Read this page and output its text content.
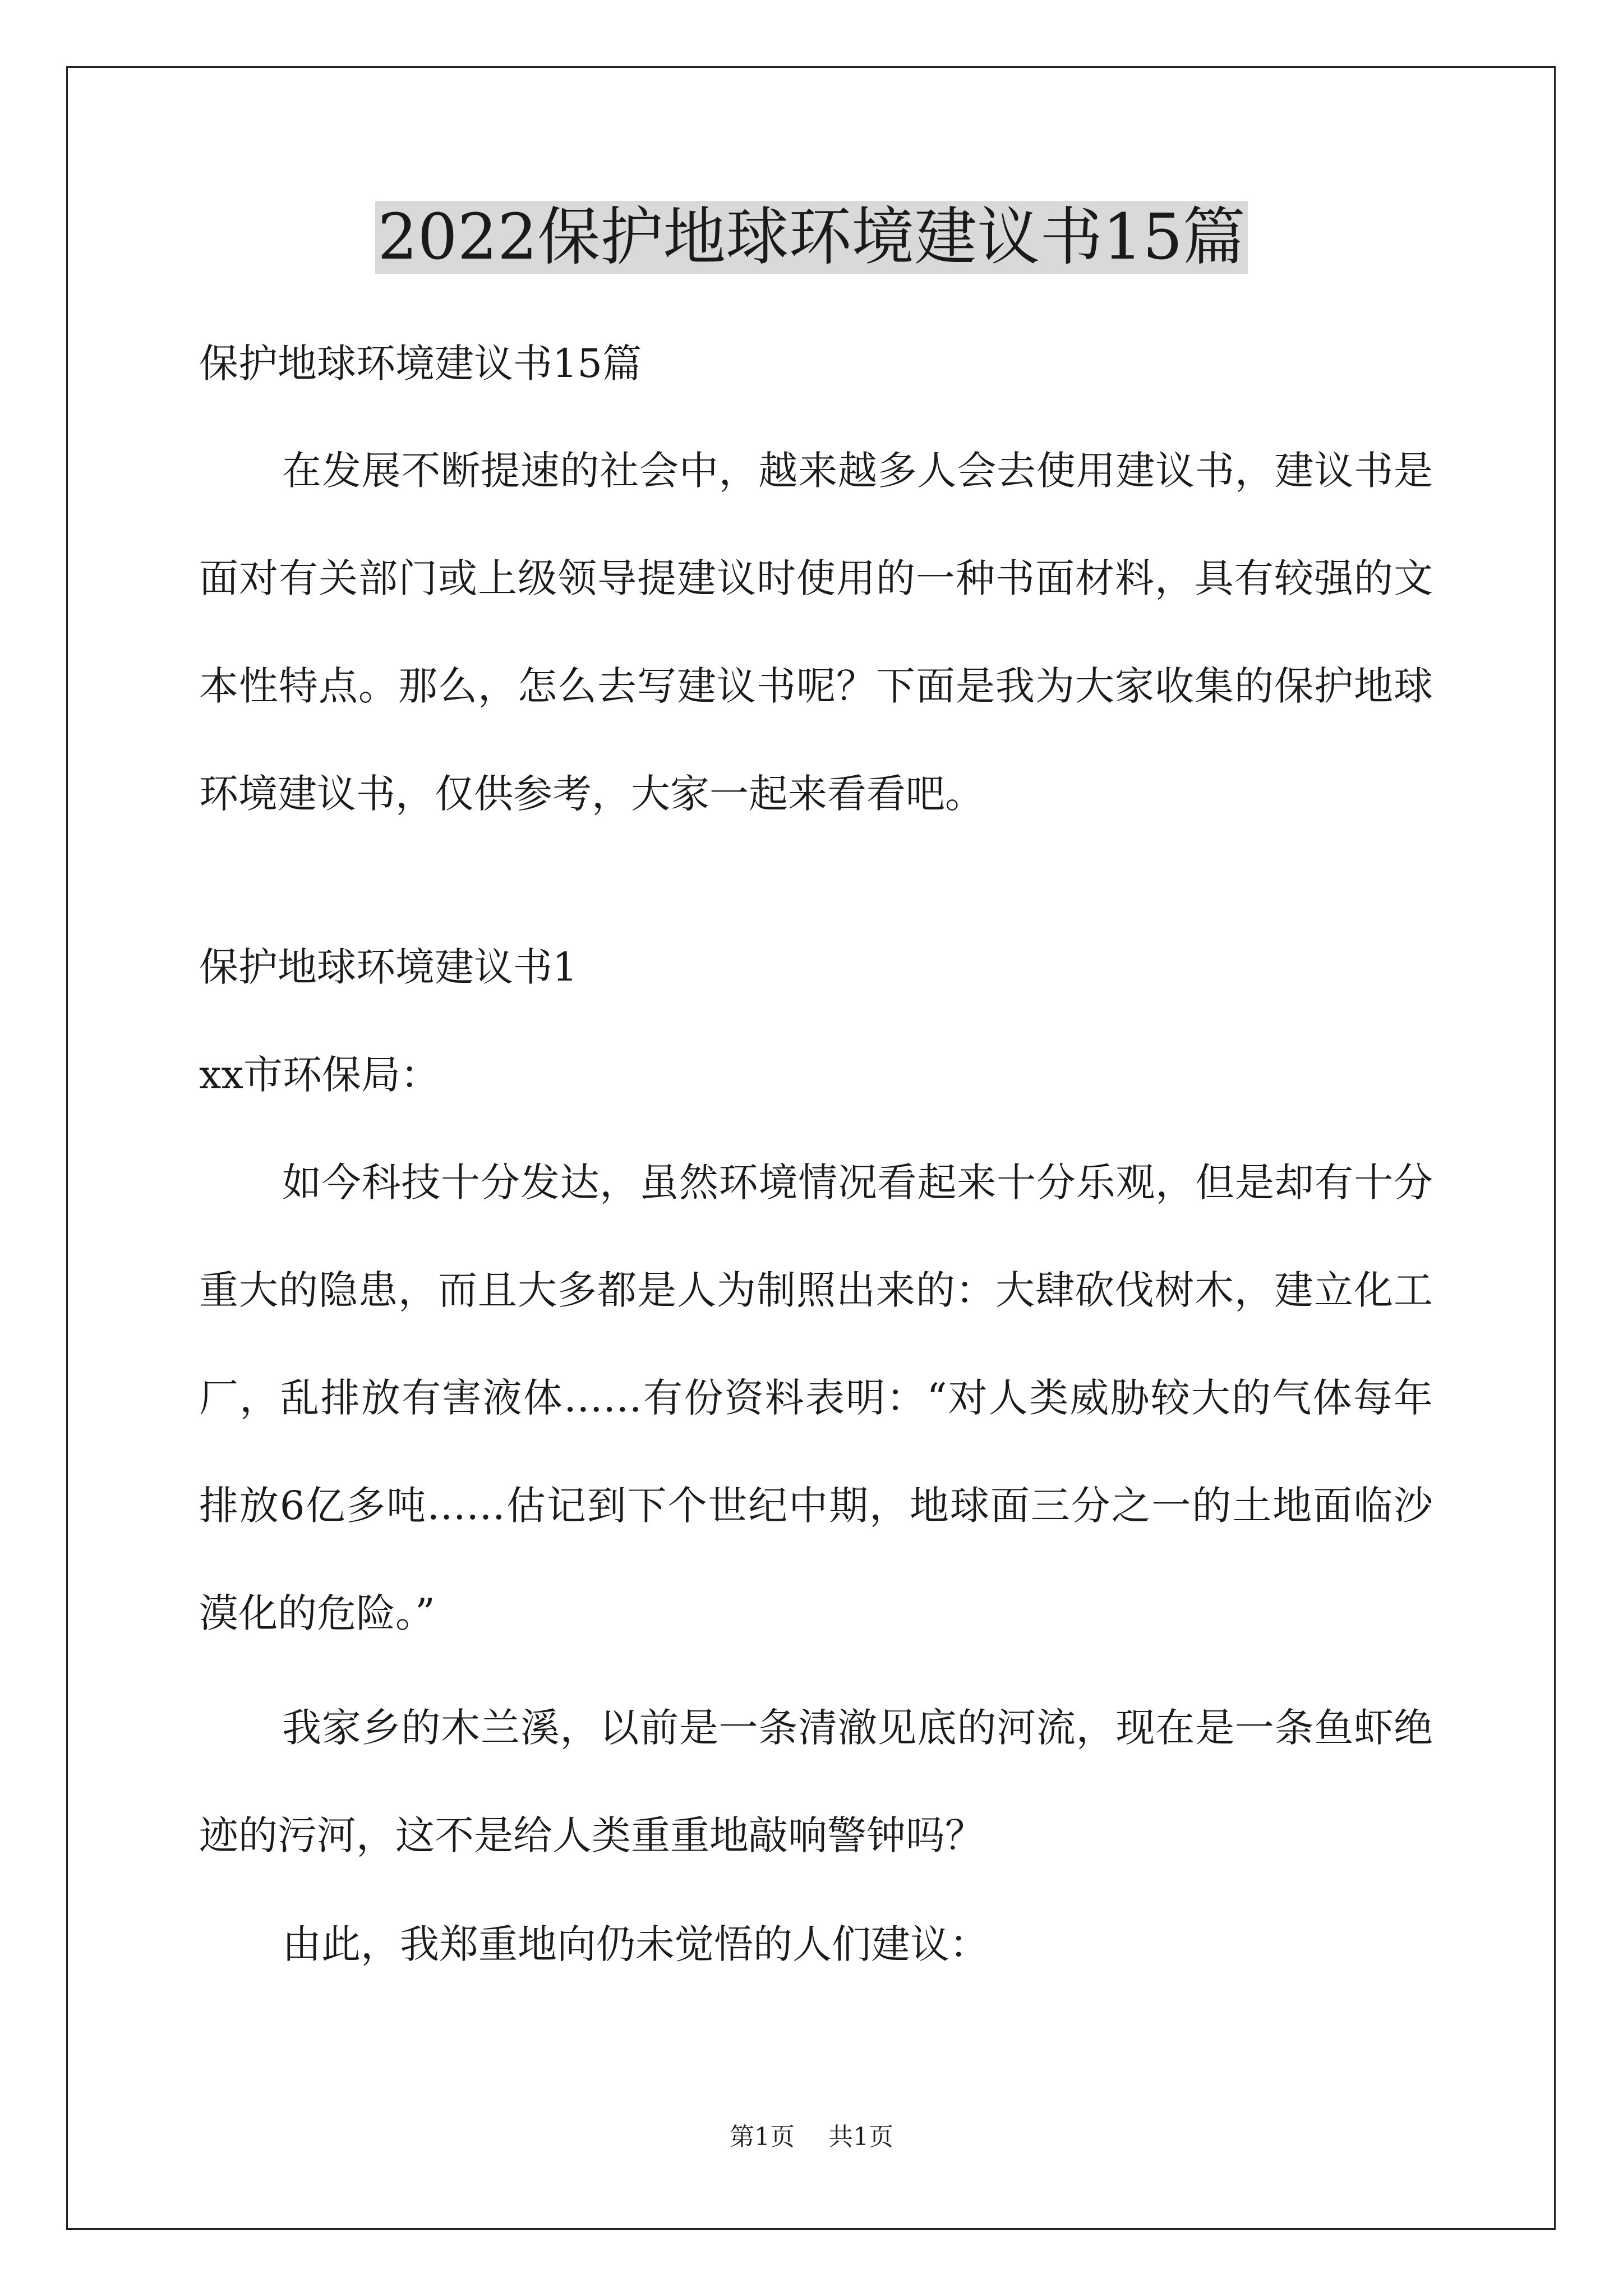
2022保护地球环境建议书15篇

保护地球环境建议书15篇

在发展不断提速的社会中，越来越多人会去使用建议书，建议书是面对有关部门或上级领导提建议时使用的一种书面材料，具有较强的文本性特点。那么，怎么去写建议书呢？下面是我为大家收集的保护地球环境建议书，仅供参考，大家一起来看看吧。

保护地球环境建议书1

xx市环保局：

如今科技十分发达，虽然环境情况看起来十分乐观，但是却有十分重大的隐患，而且大多都是人为制照出来的：大肆砍伐树木，建立化工厂，乱排放有害液体……有份资料表明：“对人类威胁较大的气体每年排放6亿多吨……估记到下个世纪中期，地球面三分之一的土地面临沙漠化的危险。”

我家乡的木兰溪，以前是一条清澈见底的河流，现在是一条鱼虾绝迹的污河，这不是给人类重重地敲响警钟吗？

由此，我郑重地向仍未觉悟的人们建议：

第1页 共1页
